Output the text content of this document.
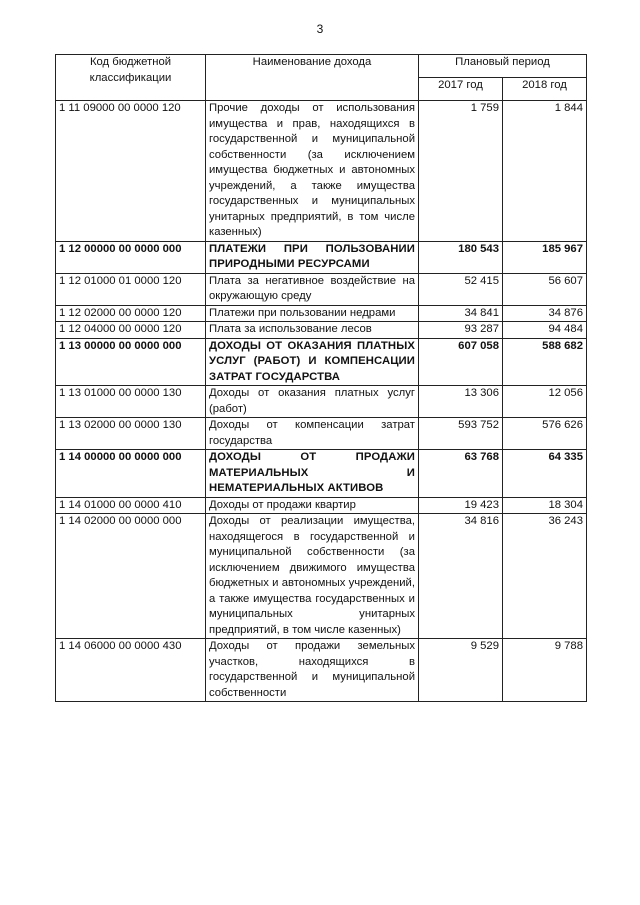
3
Код бюджетной классификации	Наименование дохода	Плановый период	
		2017 год	2018 год
1 11 09000 00 0000 120	Прочие доходы от использования имущества и прав, находящихся в государственной и муниципальной собственности (за исключением имущества бюджетных и автономных учреждений, а также имущества государственных и муниципальных унитарных предприятий, в том числе казенных)	1 759	1 844
1 12 00000 00 0000 000	ПЛАТЕЖИ ПРИ ПОЛЬЗОВАНИИ ПРИРОДНЫМИ РЕСУРСАМИ	180 543	185 967
1 12 01000 01 0000 120	Плата за негативное воздействие на окружающую среду	52 415	56 607
1 12 02000 00 0000 120	Платежи при пользовании недрами	34 841	34 876
1 12 04000 00 0000 120	Плата за использование лесов	93 287	94 484
1 13 00000 00 0000 000	ДОХОДЫ ОТ ОКАЗАНИЯ ПЛАТНЫХ УСЛУГ (РАБОТ) И КОМПЕНСАЦИИ ЗАТРАТ ГОСУДАРСТВА	607 058	588 682
1 13 01000 00 0000 130	Доходы от оказания платных услуг (работ)	13 306	12 056
1 13 02000 00 0000 130	Доходы от компенсации затрат государства	593 752	576 626
1 14 00000 00 0000 000	ДОХОДЫ ОТ ПРОДАЖИ МАТЕРИАЛЬНЫХ И НЕМАТЕРИАЛЬНЫХ АКТИВОВ	63 768	64 335
1 14 01000 00 0000 410	Доходы от продажи квартир	19 423	18 304
1 14 02000 00 0000 000	Доходы от реализации имущества, находящегося в государственной и муниципальной собственности (за исключением движимого имущества бюджетных и автономных учреждений, а также имущества государственных и муниципальных унитарных предприятий, в том числе казенных)	34 816	36 243
1 14 06000 00 0000 430	Доходы от продажи земельных участков, находящихся в государственной и муниципальной собственности	9 529	9 788
